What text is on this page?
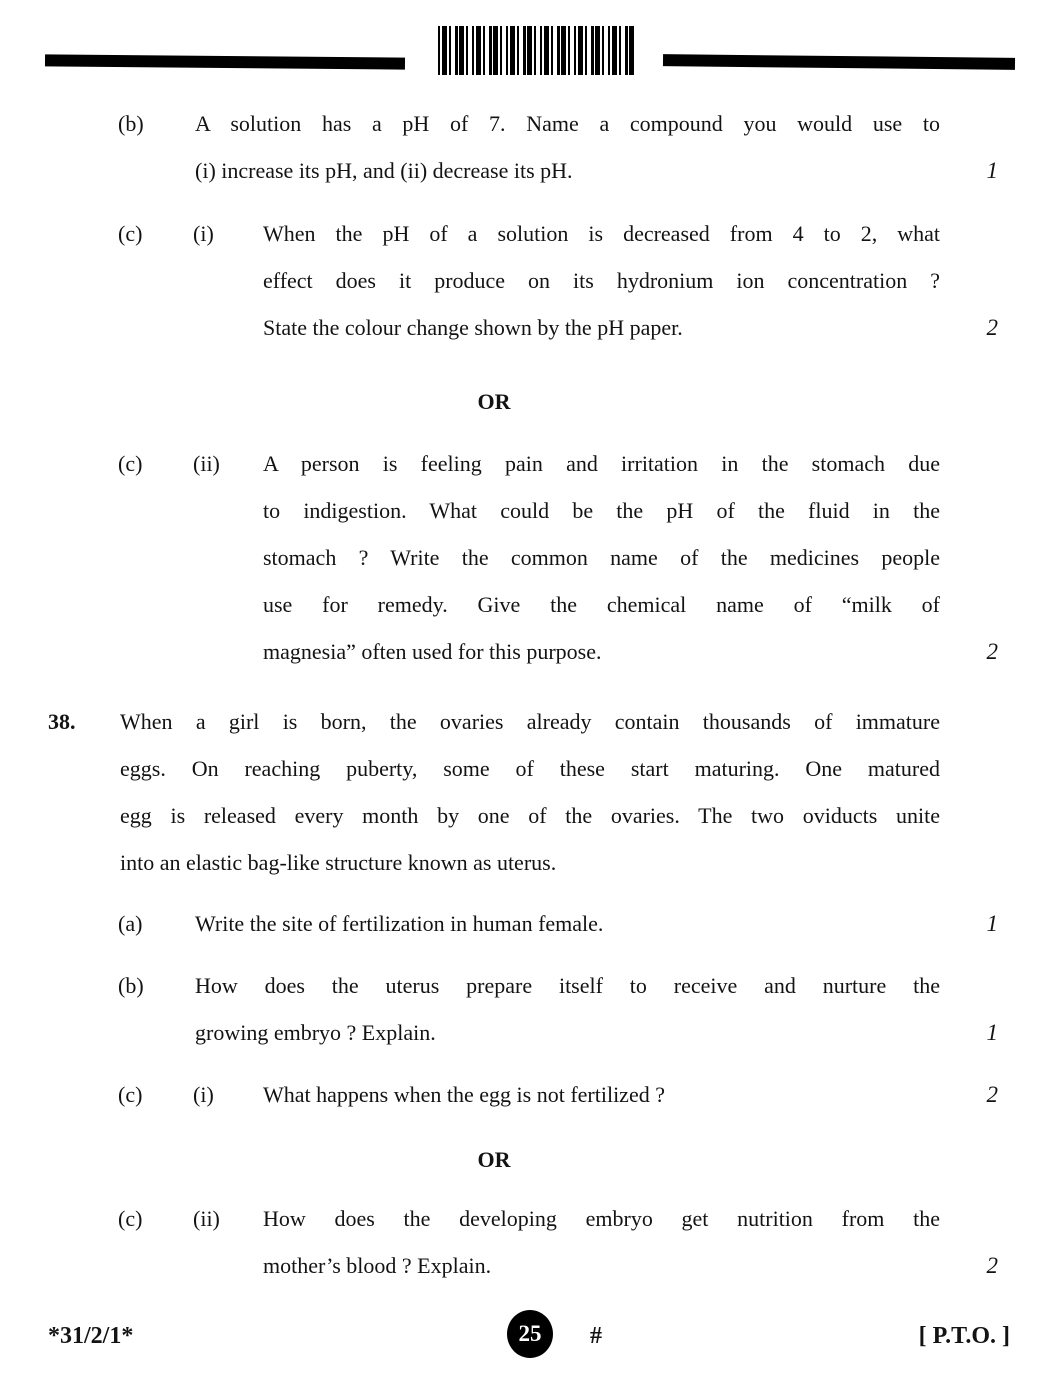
(b)	A solution has a pH of 7. Name a compound you would use to
(i) increase its pH, and (ii) decrease its pH.	1
(c)	(i)	When the pH of a solution is decreased from 4 to 2, what
effect does it produce on its hydronium ion concentration ?
State the colour change shown by the pH paper.	2
OR
(c)	(ii)	A person is feeling pain and irritation in the stomach due
to indigestion. What could be the pH of the fluid in the
stomach ? Write the common name of the medicines people
use for remedy. Give the chemical name of “milk of
magnesia” often used for this purpose.	2
38.	When a girl is born, the ovaries already contain thousands of immature
eggs. On reaching puberty, some of these start maturing. One matured
egg is released every month by one of the ovaries. The two oviducts unite
into an elastic bag-like structure known as uterus.
(a)	Write the site of fertilization in human female.	1
(b)	How does the uterus prepare itself to receive and nurture the
growing embryo ? Explain.	1
(c)	(i)	What happens when the egg is not fertilized ?	2
OR
(c)	(ii)	How does the developing embryo get nutrition from the
mother’s blood ? Explain.	2
*31/2/1*	25	#	[ P.T.O. ]
